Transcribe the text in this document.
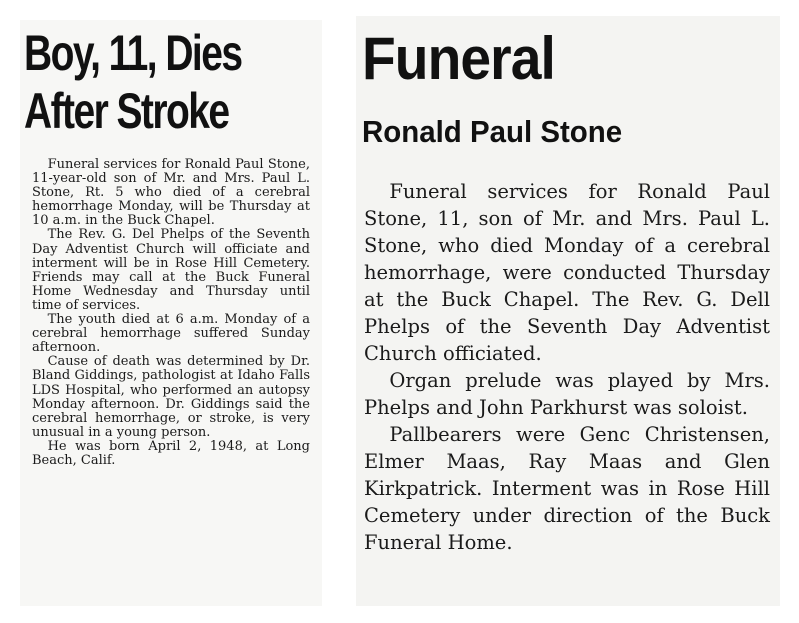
Boy, 11, Dies
After Stroke

Funeral services for Ronald Paul Stone, 11-year-old son of Mr. and Mrs. Paul L. Stone, Rt. 5 who died of a cerebral hemorrhage Monday, will be Thursday at 10 a.m. in the Buck Chapel.

The Rev. G. Del Phelps of the Seventh Day Adventist Church will officiate and interment will be in Rose Hill Cemetery. Friends may call at the Buck Funeral Home Wednesday and Thursday until time of services.

The youth died at 6 a.m. Monday of a cerebral hemorrhage suffered Sunday afternoon.

Cause of death was determined by Dr. Bland Giddings, pathologist at Idaho Falls LDS Hospital, who performed an autopsy Monday afternoon. Dr. Giddings said the cerebral hemorrhage, or stroke, is very unusual in a young person.

He was born April 2, 1948, at Long Beach, Calif.

Funeral
Ronald Paul Stone

Funeral services for Ronald Paul Stone, 11, son of Mr. and Mrs. Paul L. Stone, who died Monday of a cerebral hemorrhage, were conducted Thursday at the Buck Chapel. The Rev. G. Dell Phelps of the Seventh Day Adventist Church officiated.

Organ prelude was played by Mrs. Phelps and John Parkhurst was soloist.

Pallbearers were Genc Christensen, Elmer Maas, Ray Maas and Glen Kirkpatrick. Interment was in Rose Hill Cemetery under direction of the Buck Funeral Home.
